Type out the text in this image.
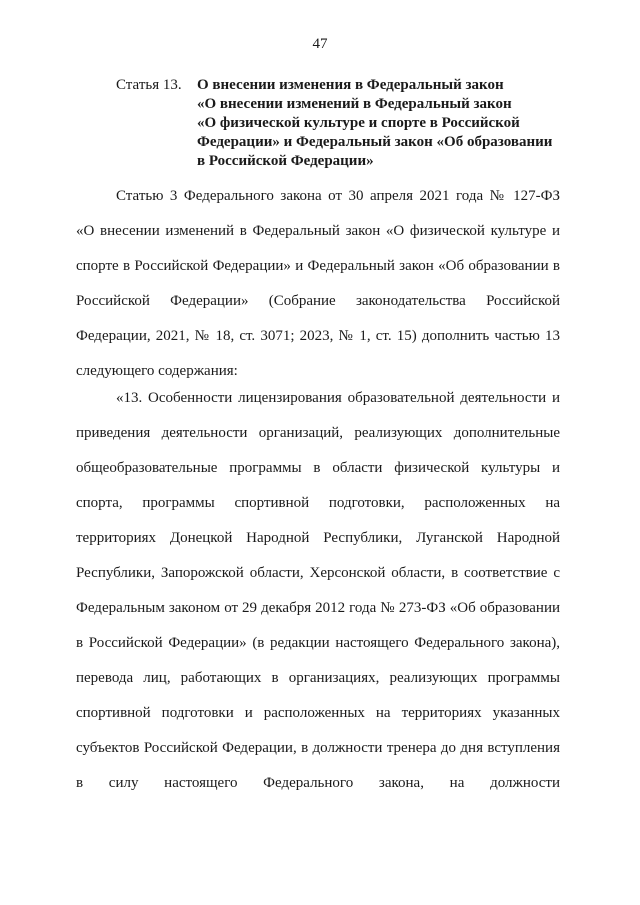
47
Статья 13. О внесении изменения в Федеральный закон
«О внесении изменений в Федеральный закон
«О физической культуре и спорте в Российской
Федерации» и Федеральный закон «Об образовании
в Российской Федерации»
Статью 3 Федерального закона от 30 апреля 2021 года № 127-ФЗ
«О внесении изменений в Федеральный закон «О физической культуре и
спорте в Российской Федерации» и Федеральный закон «Об образовании в
Российской Федерации» (Собрание законодательства Российской
Федерации, 2021, № 18, ст. 3071; 2023, № 1, ст. 15) дополнить частью 13
следующего содержания:
«13. Особенности лицензирования образовательной деятельности и
приведения деятельности организаций, реализующих дополнительные
общеобразовательные программы в области физической культуры и
спорта, программы спортивной подготовки, расположенных на
территориях Донецкой Народной Республики, Луганской Народной
Республики, Запорожской области, Херсонской области, в соответствие с
Федеральным законом от 29 декабря 2012 года № 273-ФЗ «Об образовании
в Российской Федерации» (в редакции настоящего Федерального закона),
перевода лиц, работающих в организациях, реализующих программы
спортивной подготовки и расположенных на территориях указанных
субъектов Российской Федерации, в должности тренера до дня вступления
в силу настоящего Федерального закона, на должности
